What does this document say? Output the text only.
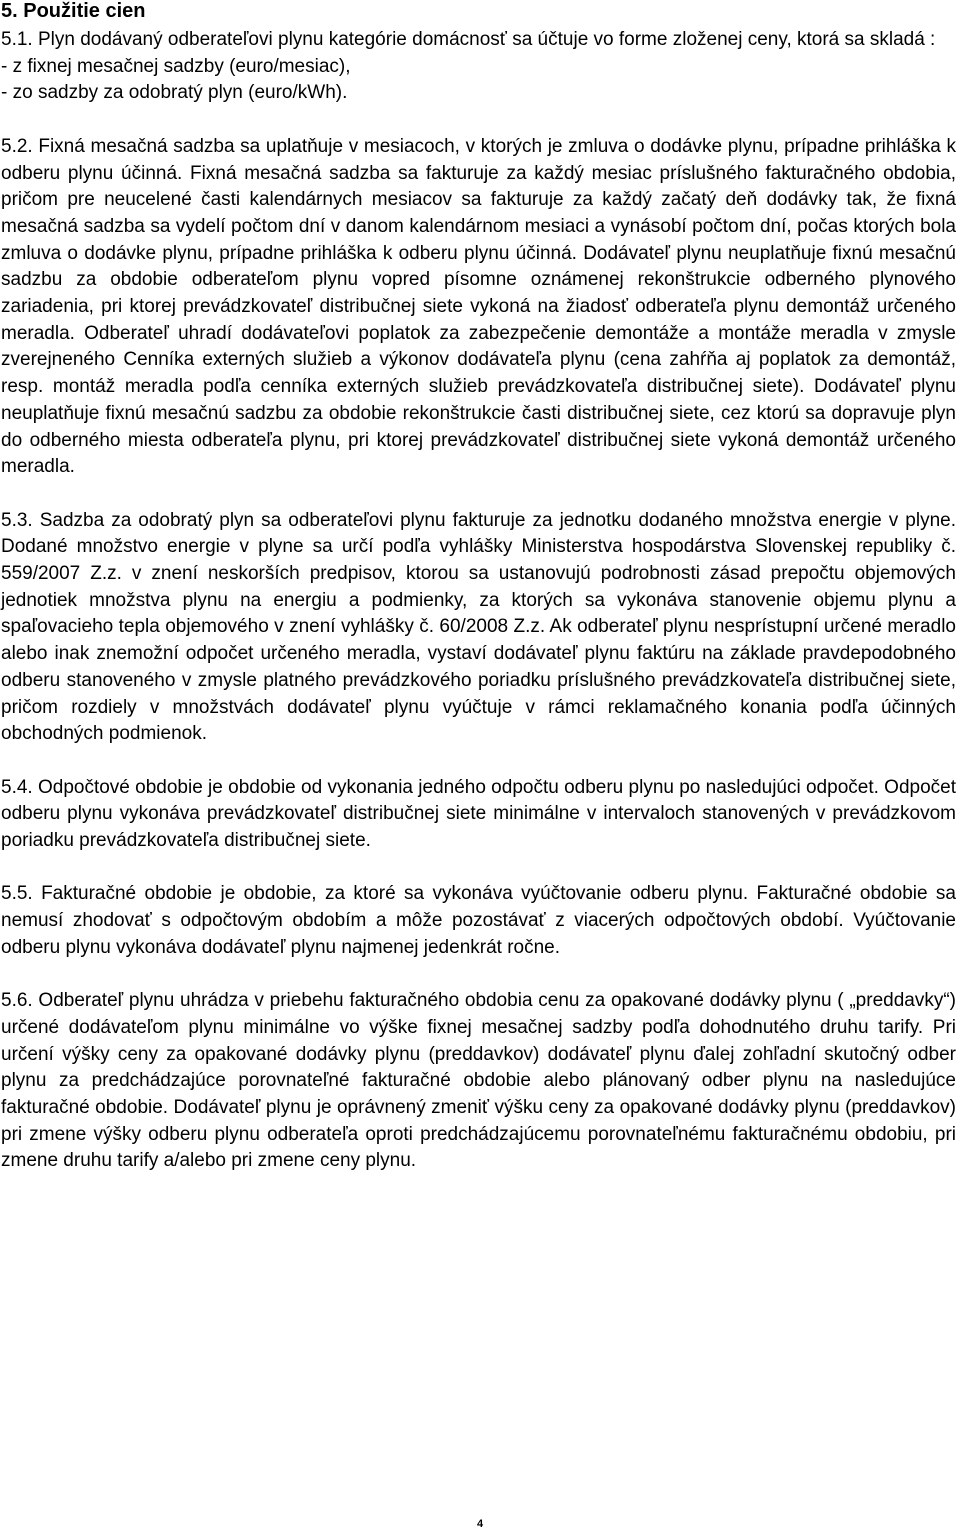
5. Použitie cien
5.1. Plyn dodávaný odberateľovi plynu kategórie domácnosť sa účtuje vo forme zloženej ceny, ktorá sa skladá :
- z fixnej mesačnej sadzby (euro/mesiac),
- zo sadzby za odobratý plyn (euro/kWh).
5.2. Fixná mesačná sadzba sa uplatňuje v mesiacoch, v ktorých je zmluva o dodávke plynu, prípadne prihláška k odberu plynu účinná. Fixná mesačná sadzba sa fakturuje za každý mesiac príslušného fakturačného obdobia, pričom pre neucelené časti kalendárnych mesiacov sa fakturuje za každý začatý deň dodávky tak, že fixná mesačná sadzba sa vydelí počtom dní v danom kalendárnom mesiaci a vynásobí počtom dní, počas ktorých bola zmluva o dodávke plynu, prípadne prihláška k odberu plynu účinná. Dodávateľ plynu neuplatňuje fixnú mesačnú sadzbu za obdobie odberateľom plynu vopred písomne oznámenej rekonštrukcie odberného plynového zariadenia, pri ktorej prevádzkovateľ distribučnej siete vykoná na žiadosť odberateľa plynu demontáž určeného meradla. Odberateľ uhradí dodávateľovi poplatok za zabezpečenie demontáže a montáže meradla v zmysle zverejneného Cenníka externých služieb a výkonov dodávateľa plynu (cena zahŕňa aj poplatok za demontáž, resp. montáž meradla podľa cenníka externých služieb prevádzkovateľa distribučnej siete). Dodávateľ plynu neuplatňuje fixnú mesačnú sadzbu za obdobie rekonštrukcie časti distribučnej siete, cez ktorú sa dopravuje plyn do odberného miesta odberateľa plynu, pri ktorej prevádzkovateľ distribučnej siete vykoná demontáž určeného meradla.
5.3. Sadzba za odobratý plyn sa odberateľovi plynu fakturuje za jednotku dodaného množstva energie v plyne. Dodané množstvo energie v plyne sa určí podľa vyhlášky Ministerstva hospodárstva Slovenskej republiky č. 559/2007 Z.z. v znení neskorších predpisov, ktorou sa ustanovujú podrobnosti zásad prepočtu objemových jednotiek množstva plynu na energiu a podmienky, za ktorých sa vykonáva stanovenie objemu plynu a spaľovacieho tepla objemového v znení vyhlášky č. 60/2008 Z.z. Ak odberateľ plynu nesprístupní určené meradlo alebo inak znemožní odpočet určeného meradla, vystaví dodávateľ plynu faktúru na základe pravdepodobného odberu stanoveného v zmysle platného prevádzkového poriadku príslušného prevádzkovateľa distribučnej siete, pričom rozdiely v množstvách dodávateľ plynu vyúčtuje v rámci reklamačného konania podľa účinných obchodných podmienok.
5.4. Odpočtové obdobie je obdobie od vykonania jedného odpočtu odberu plynu po nasledujúci odpočet. Odpočet odberu plynu vykonáva prevádzkovateľ distribučnej siete minimálne v intervaloch stanovených v prevádzkovom poriadku prevádzkovateľa distribučnej siete.
5.5. Fakturačné obdobie je obdobie, za ktoré sa vykonáva vyúčtovanie odberu plynu. Fakturačné obdobie sa nemusí zhodovať s odpočtovým obdobím a môže pozostávať z viacerých odpočtových období. Vyúčtovanie odberu plynu vykonáva dodávateľ plynu najmenej jedenkrát ročne.
5.6. Odberateľ plynu uhrádza v priebehu fakturačného obdobia cenu za opakované dodávky plynu ( „preddavky“) určené dodávateľom plynu minimálne vo výške fixnej mesačnej sadzby podľa dohodnutého druhu tarify. Pri určení výšky ceny za opakované dodávky plynu (preddavkov) dodávateľ plynu ďalej zohľadní skutočný odber plynu za predchádzajúce porovnateľné fakturačné obdobie alebo plánovaný odber plynu na nasledujúce fakturačné obdobie. Dodávateľ plynu je oprávnený zmeniť výšku ceny za opakované dodávky plynu (preddavkov) pri zmene výšky odberu plynu odberateľa oproti predchádzajúcemu porovnateľnému fakturačnému obdobiu, pri zmene druhu tarify a/alebo pri zmene ceny plynu.
4
